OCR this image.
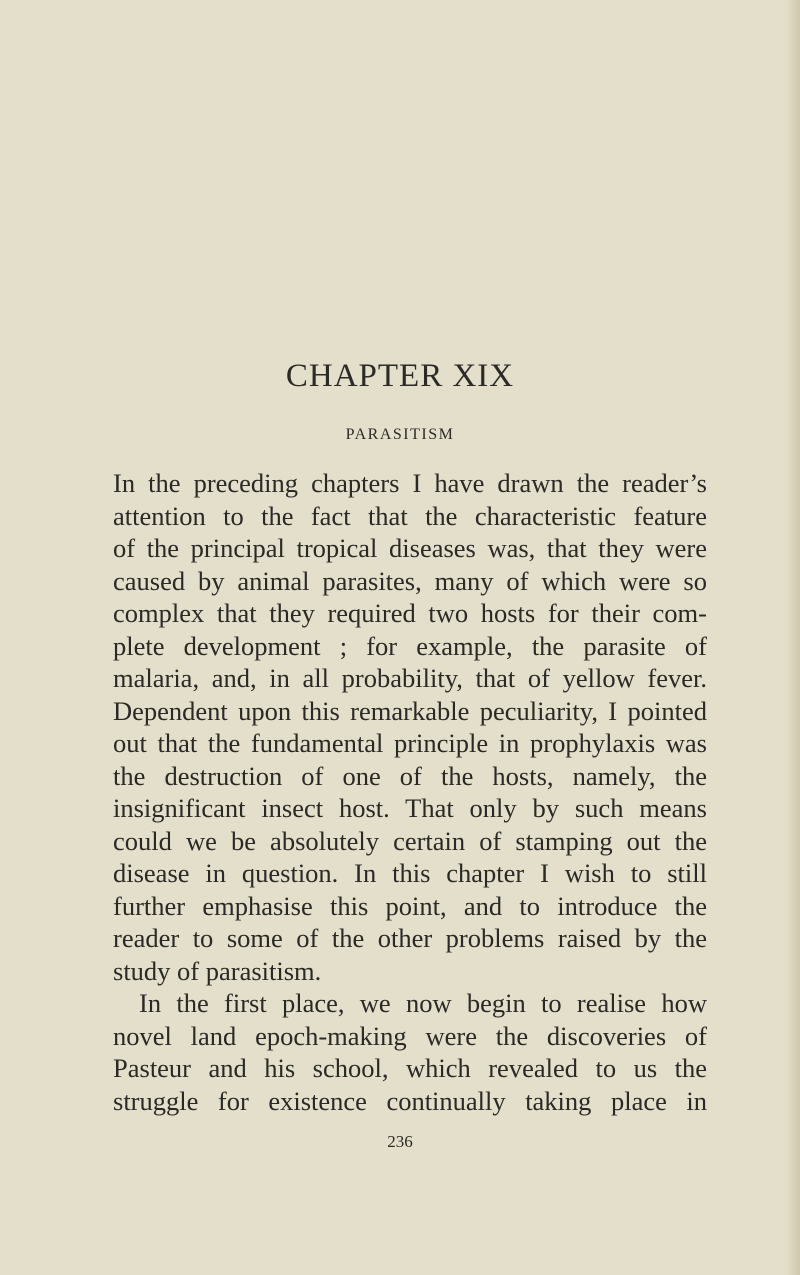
CHAPTER XIX
PARASITISM
In the preceding chapters I have drawn the reader’s
attention to the fact that the characteristic feature
of the principal tropical diseases was, that they were
caused by animal parasites, many of which were so
complex that they required two hosts for their com-
plete development ; for example, the parasite of
malaria, and, in all probability, that of yellow fever.
Dependent upon this remarkable peculiarity, I pointed
out that the fundamental principle in prophylaxis was
the destruction of one of the hosts, namely, the
insignificant insect host. That only by such means
could we be absolutely certain of stamping out the
disease in question. In this chapter I wish to still
further emphasise this point, and to introduce the
reader to some of the other problems raised by the
study of parasitism.
In the first place, we now begin to realise how
novel land epoch-making were the discoveries of
Pasteur and his school, which revealed to us the
struggle for existence continually taking place in
236
